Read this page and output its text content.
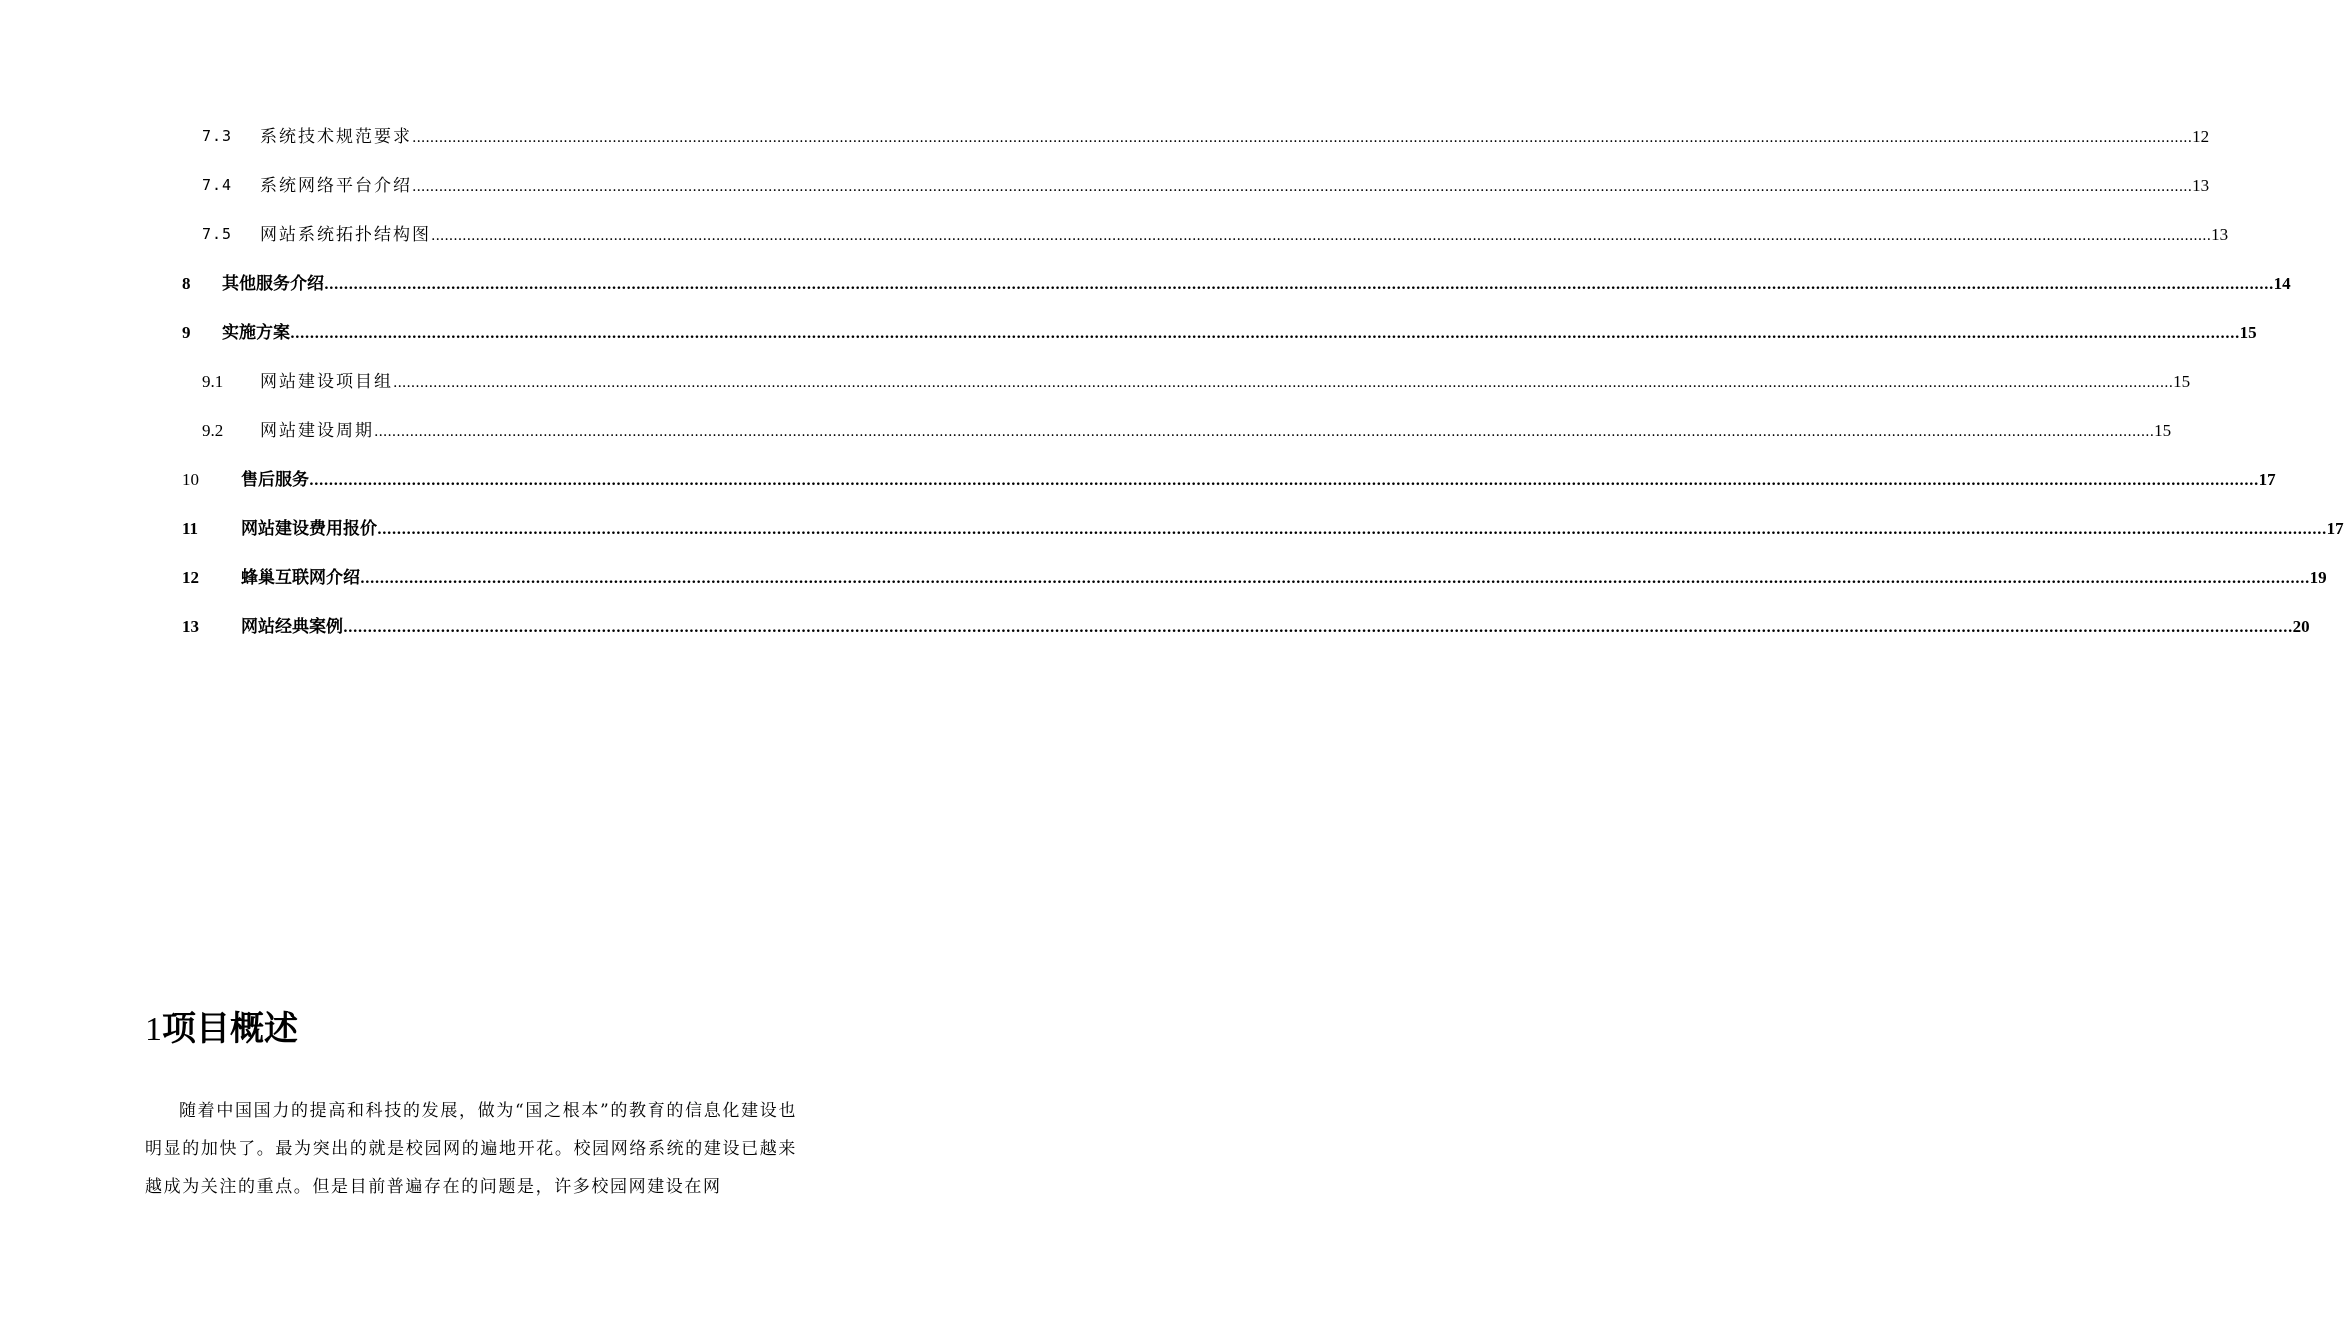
7.3 系统技术规范要求 ................................................................................................................................................................................................................................................................................................................................................................................................................ 12
7.4 系统网络平台介绍 ................................................................................................................................................................................................................................................................................................................................................................................................................ 13
7.5 网站系统拓扑结构图 ................................................................................................................................................................................................................................................................................................................................................................................................................ 13
8 其他服务介绍 ................................................................................................................................................................................................................................................................................................................................................................................................................ 14
9 实施方案 ................................................................................................................................................................................................................................................................................................................................................................................................................ 15
9.1 网站建设项目组 ................................................................................................................................................................................................................................................................................................................................................................................................................ 15
9.2 网站建设周期 ................................................................................................................................................................................................................................................................................................................................................................................................................ 15
10 售后服务 ................................................................................................................................................................................................................................................................................................................................................................................................................ 17
11	网站建设费用报价 ................................................................................................................................................................................................................................................................................................................................................................................................................ 17
12 蜂巢互联网介绍 ................................................................................................................................................................................................................................................................................................................................................................................................................ 19
13 网站经典案例 ................................................................................................................................................................................................................................................................................................................................................................................................................ 20
1项目概述

随着中国国力的提高和科技的发展，做为“国之根本”的教育的信息化建设也明显的加快了。最为突出的就是校园网的遍地开花。校园网络系统的建设已越来越成为关注的重点。但是目前普遍存在的问题是，许多校园网建设在网
